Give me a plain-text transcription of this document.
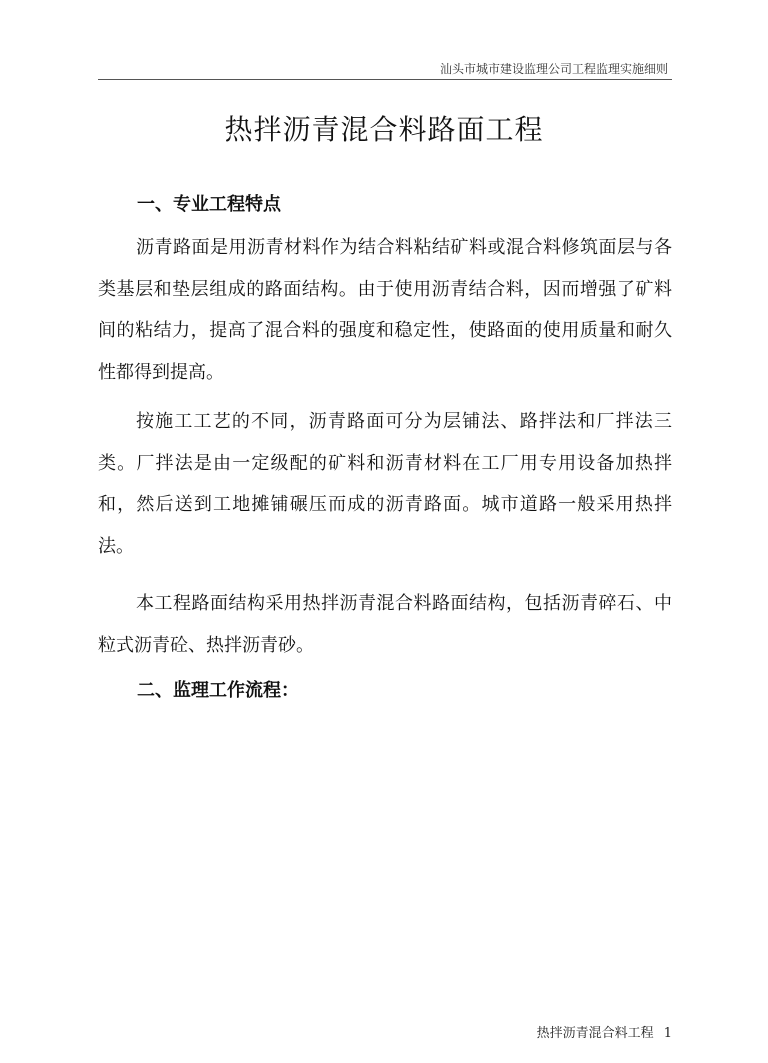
汕头市城市建设监理公司工程监理实施细则
热拌沥青混合料路面工程
一、专业工程特点
沥青路面是用沥青材料作为结合料粘结矿料或混合料修筑面层与各类基层和垫层组成的路面结构。由于使用沥青结合料，因而增强了矿料间的粘结力，提高了混合料的强度和稳定性，使路面的使用质量和耐久性都得到提高。
按施工工艺的不同，沥青路面可分为层铺法、路拌法和厂拌法三类。厂拌法是由一定级配的矿料和沥青材料在工厂用专用设备加热拌和，然后送到工地摊铺碾压而成的沥青路面。城市道路一般采用热拌法。
本工程路面结构采用热拌沥青混合料路面结构，包括沥青碎石、中粒式沥青砼、热拌沥青砂。
二、监理工作流程：
热拌沥青混合料工程 1
